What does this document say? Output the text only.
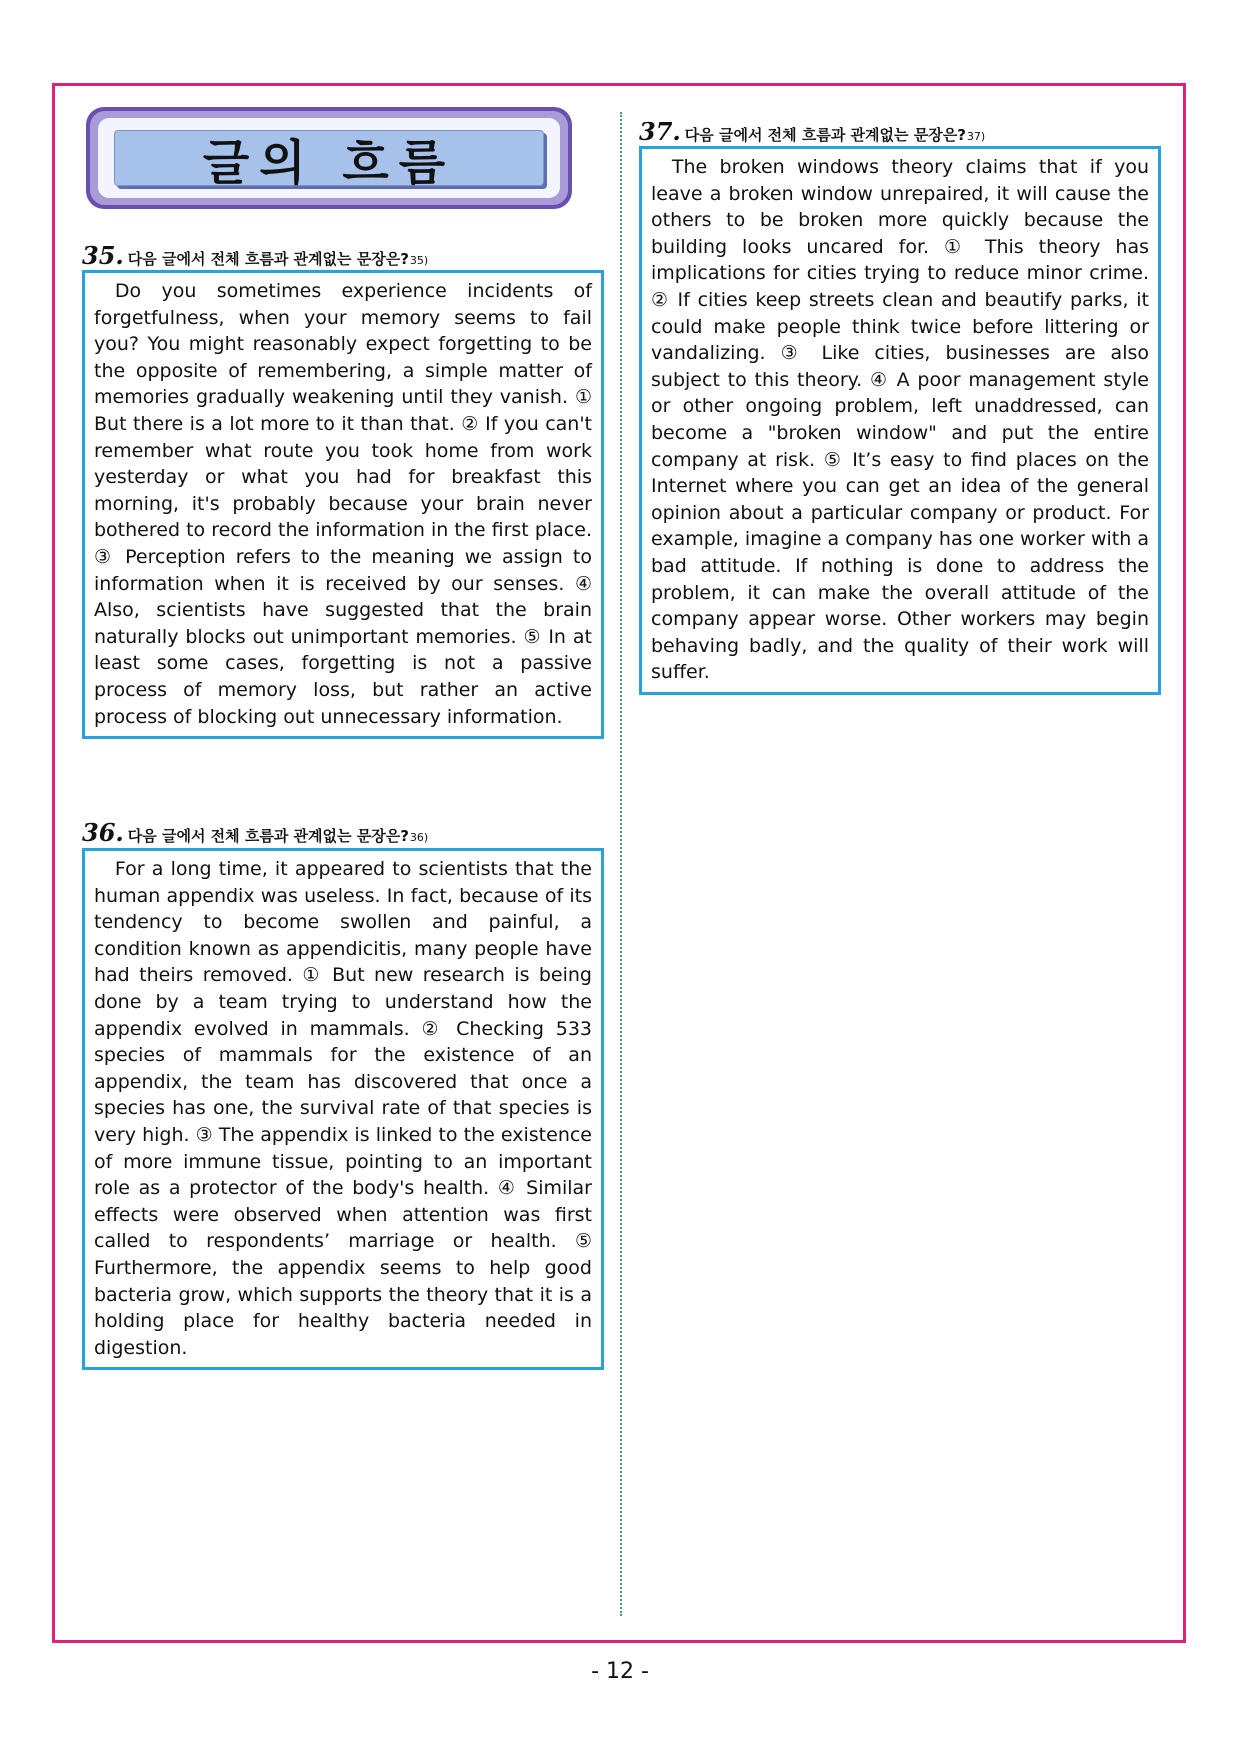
글의 흐름
35. 다음 글에서 전체 흐름과 관계없는 문장은? 35)

Do you sometimes experience incidents of forgetfulness, when your memory seems to fail you? You might reasonably expect forgetting to be the opposite of remembering, a simple matter of memories gradually weakening until they vanish. ① But there is a lot more to it than that. ② If you can't remember what route you took home from work yesterday or what you had for breakfast this morning, it's probably because your brain never bothered to record the information in the first place. ③ Perception refers to the meaning we assign to information when it is received by our senses. ④ Also, scientists have suggested that the brain naturally blocks out unimportant memories. ⑤ In at least some cases, forgetting is not a passive process of memory loss, but rather an active process of blocking out unnecessary information.

36. 다음 글에서 전체 흐름과 관계없는 문장은? 36)

For a long time, it appeared to scientists that the human appendix was useless. In fact, because of its tendency to become swollen and painful, a condition known as appendicitis, many people have had theirs removed. ① But new research is being done by a team trying to understand how the appendix evolved in mammals. ② Checking 533 species of mammals for the existence of an appendix, the team has discovered that once a species has one, the survival rate of that species is very high. ③ The appendix is linked to the existence of more immune tissue, pointing to an important role as a protector of the body's health. ④ Similar effects were observed when attention was first called to respondents’ marriage or health. ⑤ Furthermore, the appendix seems to help good bacteria grow, which supports the theory that it is a holding place for healthy bacteria needed in digestion.

37. 다음 글에서 전체 흐름과 관계없는 문장은? 37)

The broken windows theory claims that if you leave a broken window unrepaired, it will cause the others to be broken more quickly because the building looks uncared for. ① This theory has implications for cities trying to reduce minor crime. ② If cities keep streets clean and beautify parks, it could make people think twice before littering or vandalizing. ③ Like cities, businesses are also subject to this theory. ④ A poor management style or other ongoing problem, left unaddressed, can become a "broken window" and put the entire company at risk. ⑤ It’s easy to find places on the Internet where you can get an idea of the general opinion about a particular company or product. For example, imagine a company has one worker with a bad attitude. If nothing is done to address the problem, it can make the overall attitude of the company appear worse. Other workers may begin behaving badly, and the quality of their work will suffer.

- 12 -
